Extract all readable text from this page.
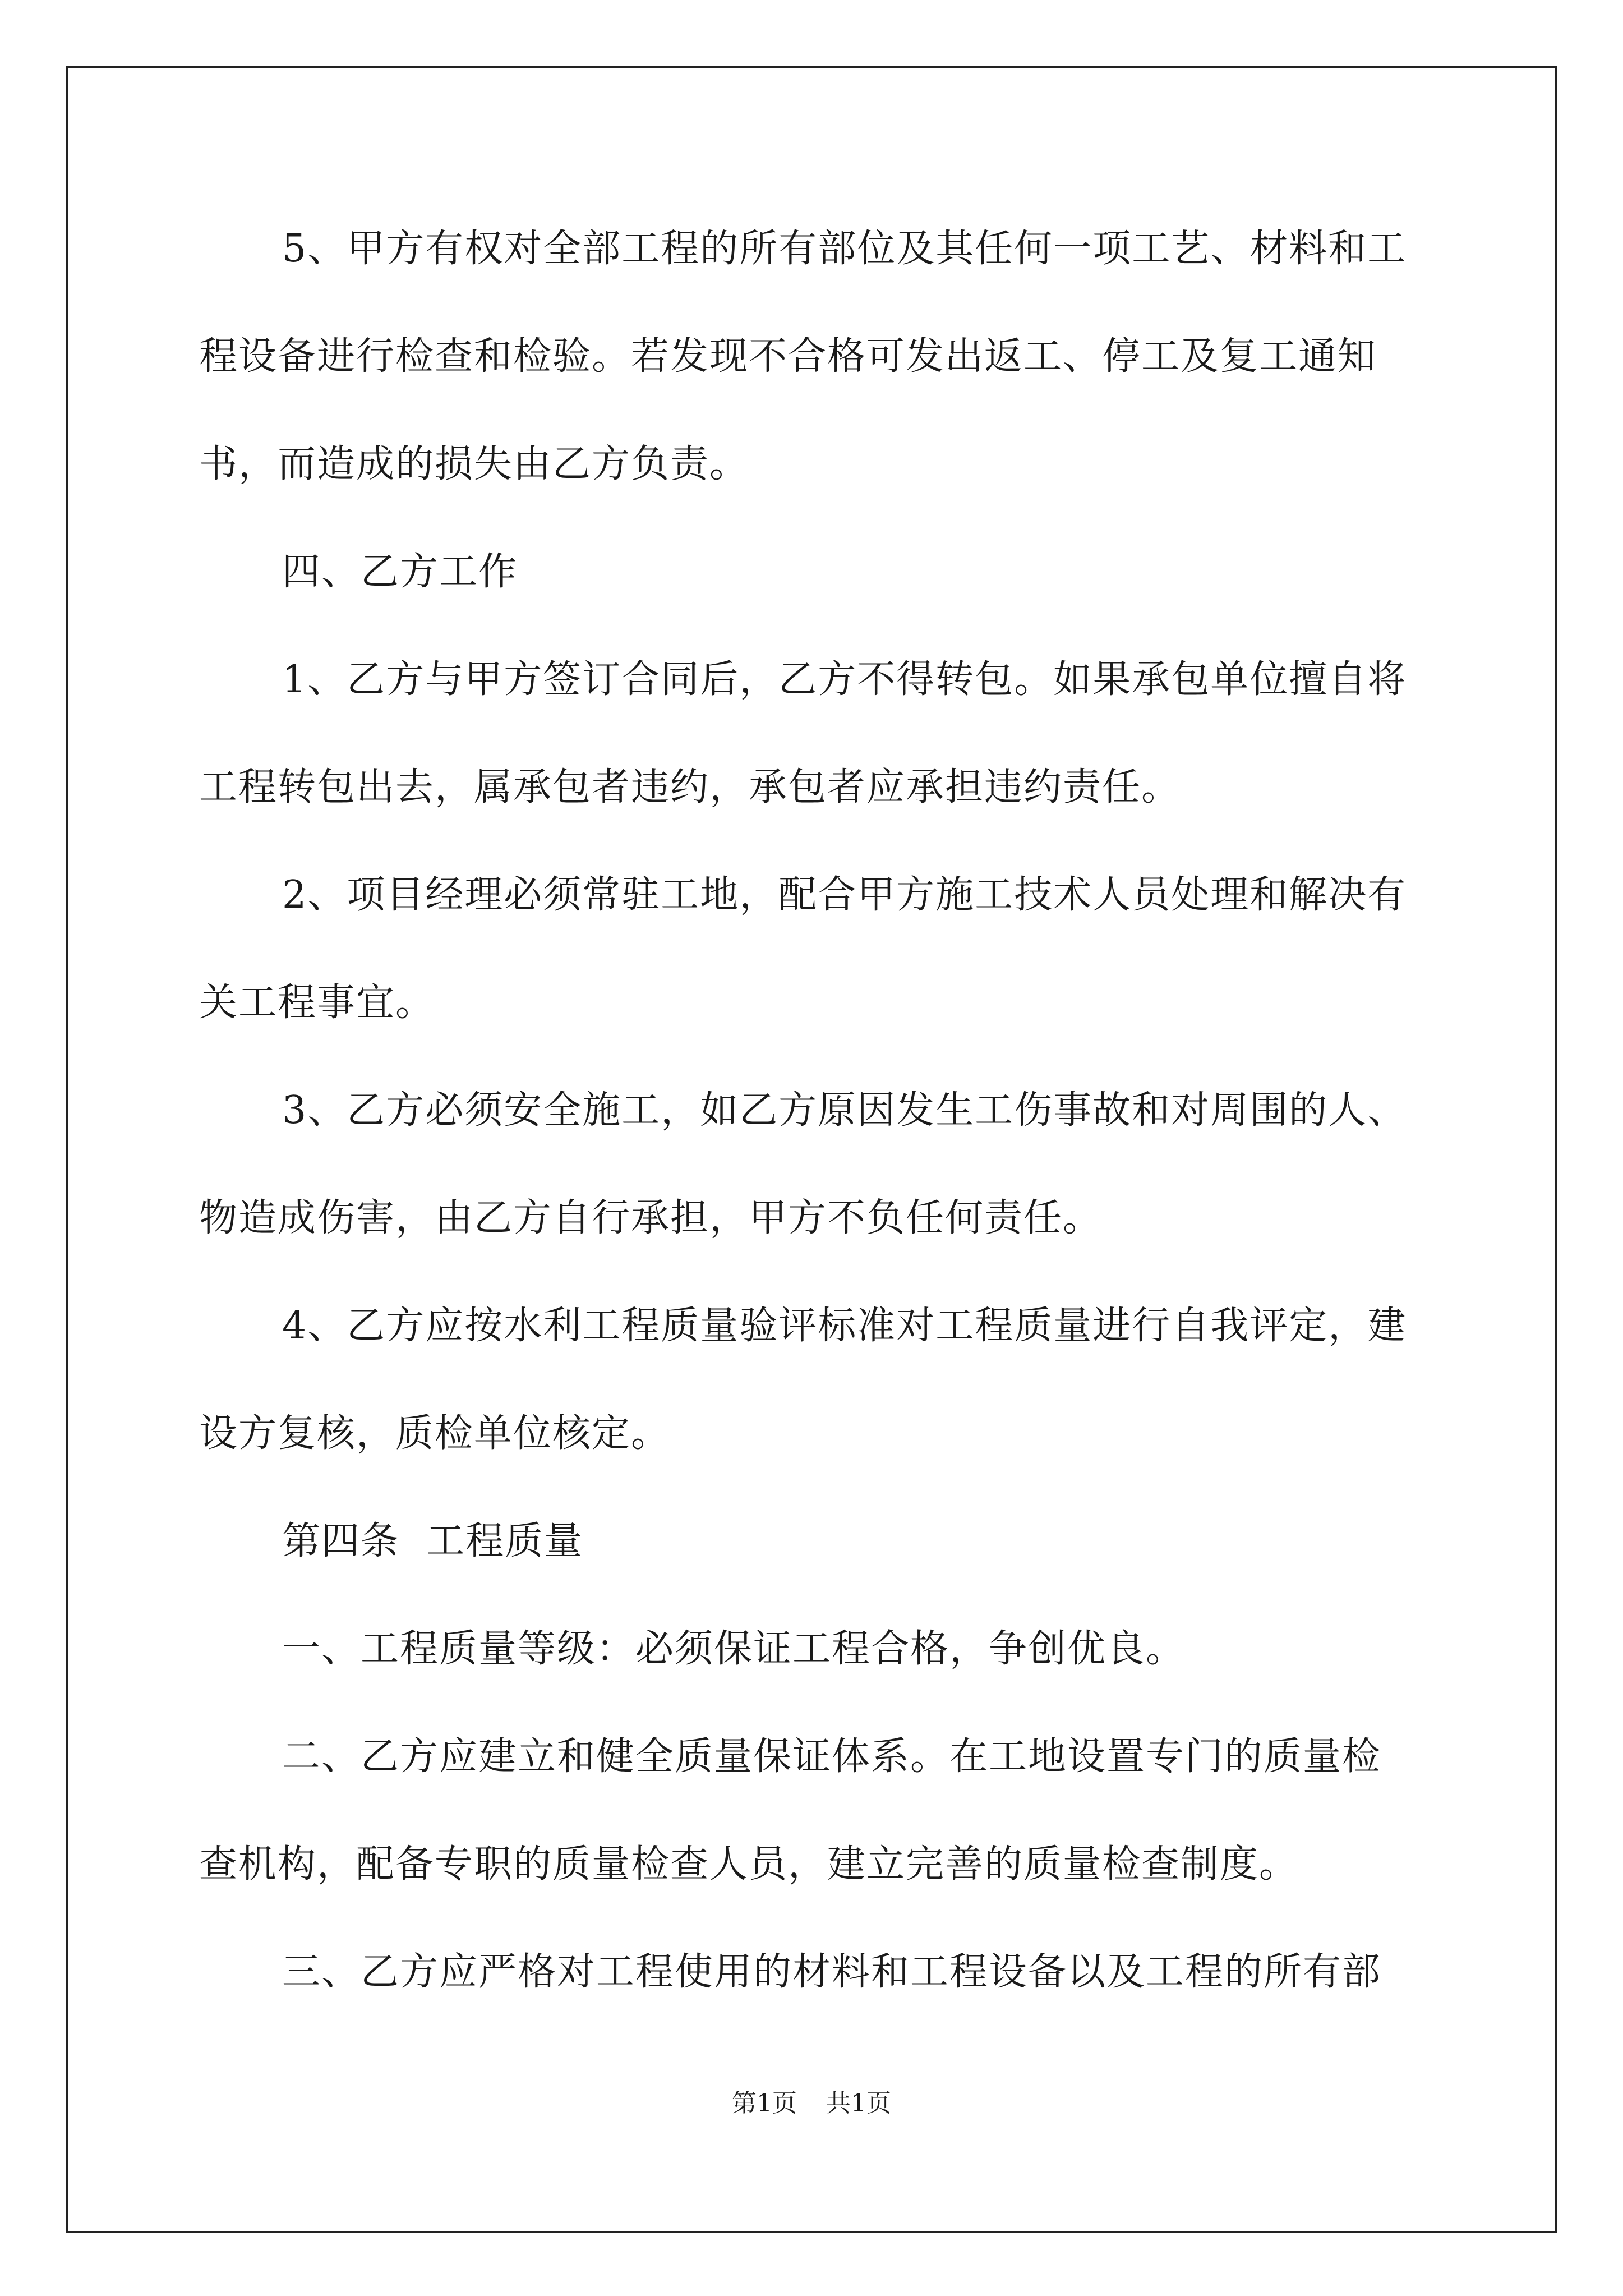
5、甲方有权对全部工程的所有部位及其任何一项工艺、材料和工
程设备进行检查和检验。若发现不合格可发出返工、停工及复工通知
书，而造成的损失由乙方负责。
四、乙方工作
1、乙方与甲方签订合同后，乙方不得转包。如果承包单位擅自将
工程转包出去，属承包者违约，承包者应承担违约责任。
2、项目经理必须常驻工地，配合甲方施工技术人员处理和解决有
关工程事宜。
3、乙方必须安全施工，如乙方原因发生工伤事故和对周围的人、
物造成伤害，由乙方自行承担，甲方不负任何责任。
4、乙方应按水利工程质量验评标准对工程质量进行自我评定，建
设方复核，质检单位核定。
第四条  工程质量
一、工程质量等级：必须保证工程合格，争创优良。
二、乙方应建立和健全质量保证体系。在工地设置专门的质量检
查机构，配备专职的质量检查人员，建立完善的质量检查制度。
三、乙方应严格对工程使用的材料和工程设备以及工程的所有部
第1页 共1页
